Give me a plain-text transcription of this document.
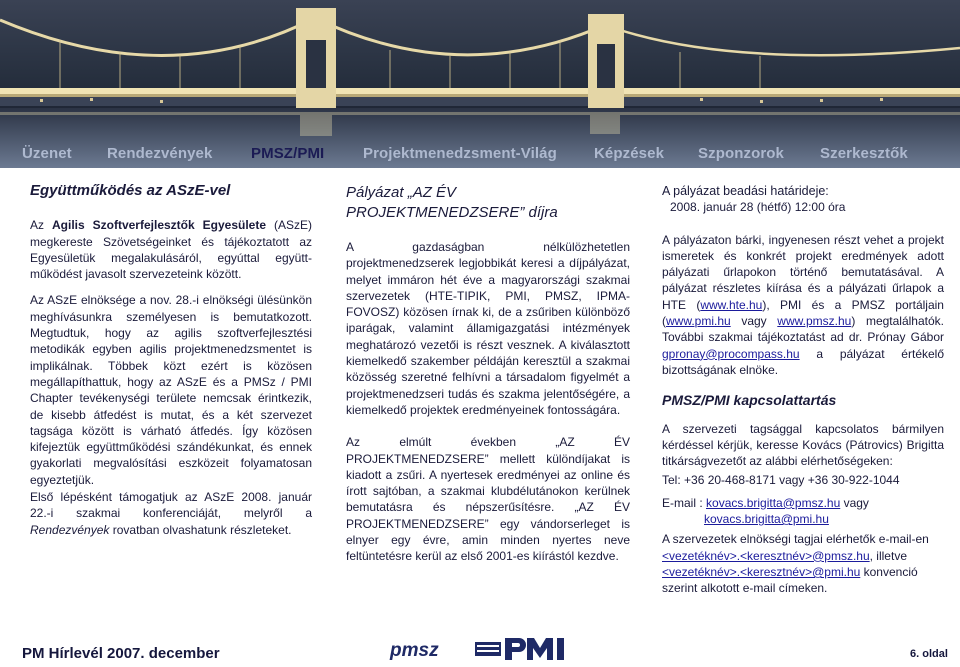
Üzenet Rendezvények	PMSZ/PMI	Projektmenedzsment-Világ Képzések Szponzorok Szerkesztők
Együttműködés az ASzE-vel

Az Agilis Szoftverfejlesztők Egyesülete (ASzE) megkereste Szövetségeinket és tájékoztatott az Egyesületük megalakulásáról, egyúttal együtt-működést javasolt szervezeteink között.

Az ASzE elnöksége a nov. 28.-i elnökségi ülésünkön meghívásunkra személyesen is bemutatkozott. Megtudtuk, hogy az agilis szoftverfejlesztési metodikák egyben agilis projektmenedzsmentet is implikálnak. Többek közt ezért is közösen megállapíthattuk, hogy az ASzE és a PMSz / PMI Chapter tevékenységi területe nemcsak érintkezik, de kisebb átfedést is mutat, és a két szervezet tagsága között is várható átfedés. Így közösen kifejeztük együttműködési szándékunkat, és ennek gyakorlati megvalósítási eszközeit folyamatosan egyeztetjük.

Első lépésként támogatjuk az ASzE 2008. január 22.-i szakmai konferenciáját, melyről a Rendezvények rovatban olvashatunk részleteket.

Pályázat „AZ ÉV PROJEKTMENEDZSERE” díjra

A gazdaságban nélkülözhetetlen projektmenedzserek legjobbikát keresi a díjpályázat, melyet immáron hét éve a magyarországi szakmai szervezetek (HTE-TIPIK, PMI, PMSZ, IPMA-FOVOSZ) közösen írnak ki, de a zsűriben különböző iparágak, valamint államigazgatási intézmények meghatározó vezetői is részt vesznek. A kiválasztott kiemelkedő szakember példáján keresztül a szakmai közösség szeretné felhívni a társadalom figyelmét a projektmenedzseri tudás és szakma jelentőségére, a kiemelkedő projektek eredményeinek fontosságára.

Az elmúlt években „AZ ÉV PROJEKTMENEDZSERE” mellett különdíjakat is kiadott a zsűri. A nyertesek eredményei az online és írott sajtóban, a szakmai klubdélutánokon kerülnek bemutatásra és népszerűsítésre. „AZ ÉV PROJEKTMENEDZSERE” egy vándorserleget is elnyer egy évre, amin minden nyertes neve feltüntetésre kerül az első 2001-es kiírástól kezdve.

A pályázat beadási határideje:
2008. január 28 (hétfő) 12:00 óra

A pályázaton bárki, ingyenesen részt vehet a projekt ismeretek és konkrét projekt eredmények adott pályázati űrlapokon történő bemutatásával. A pályázat részletes kiírása és a pályázati űrlapok a HTE (www.hte.hu), PMI és a PMSZ portáljain (www.pmi.hu vagy www.pmsz.hu) megtalálhatók. További szakmai tájékoztatást ad dr. Prónay Gábor gpronay@procompass.hu a pályázat értékelő bizottságának elnöke.

PMSZ/PMI kapcsolattartás

A szervezeti tagsággal kapcsolatos bármilyen kérdéssel kérjük, keresse Kovács (Pátrovics) Brigitta titkárságvezetőt az alábbi elérhetőségeken:

Tel: +36 20-468-8171 vagy +36 30-922-1044
E-mail : kovacs.brigitta@pmsz.hu vagy
kovacs.brigitta@pmi.hu
A szervezetek elnökségi tagjai elérhetők e-mail-en
<vezetéknév>.<keresztnév>@pmsz.hu, illetve
<vezetéknév>.<keresztnév>@pmi.hu konvenció szerint alkotott e-mail címeken.
PM Hírlevél 2007. december	pmsz	6. oldal
